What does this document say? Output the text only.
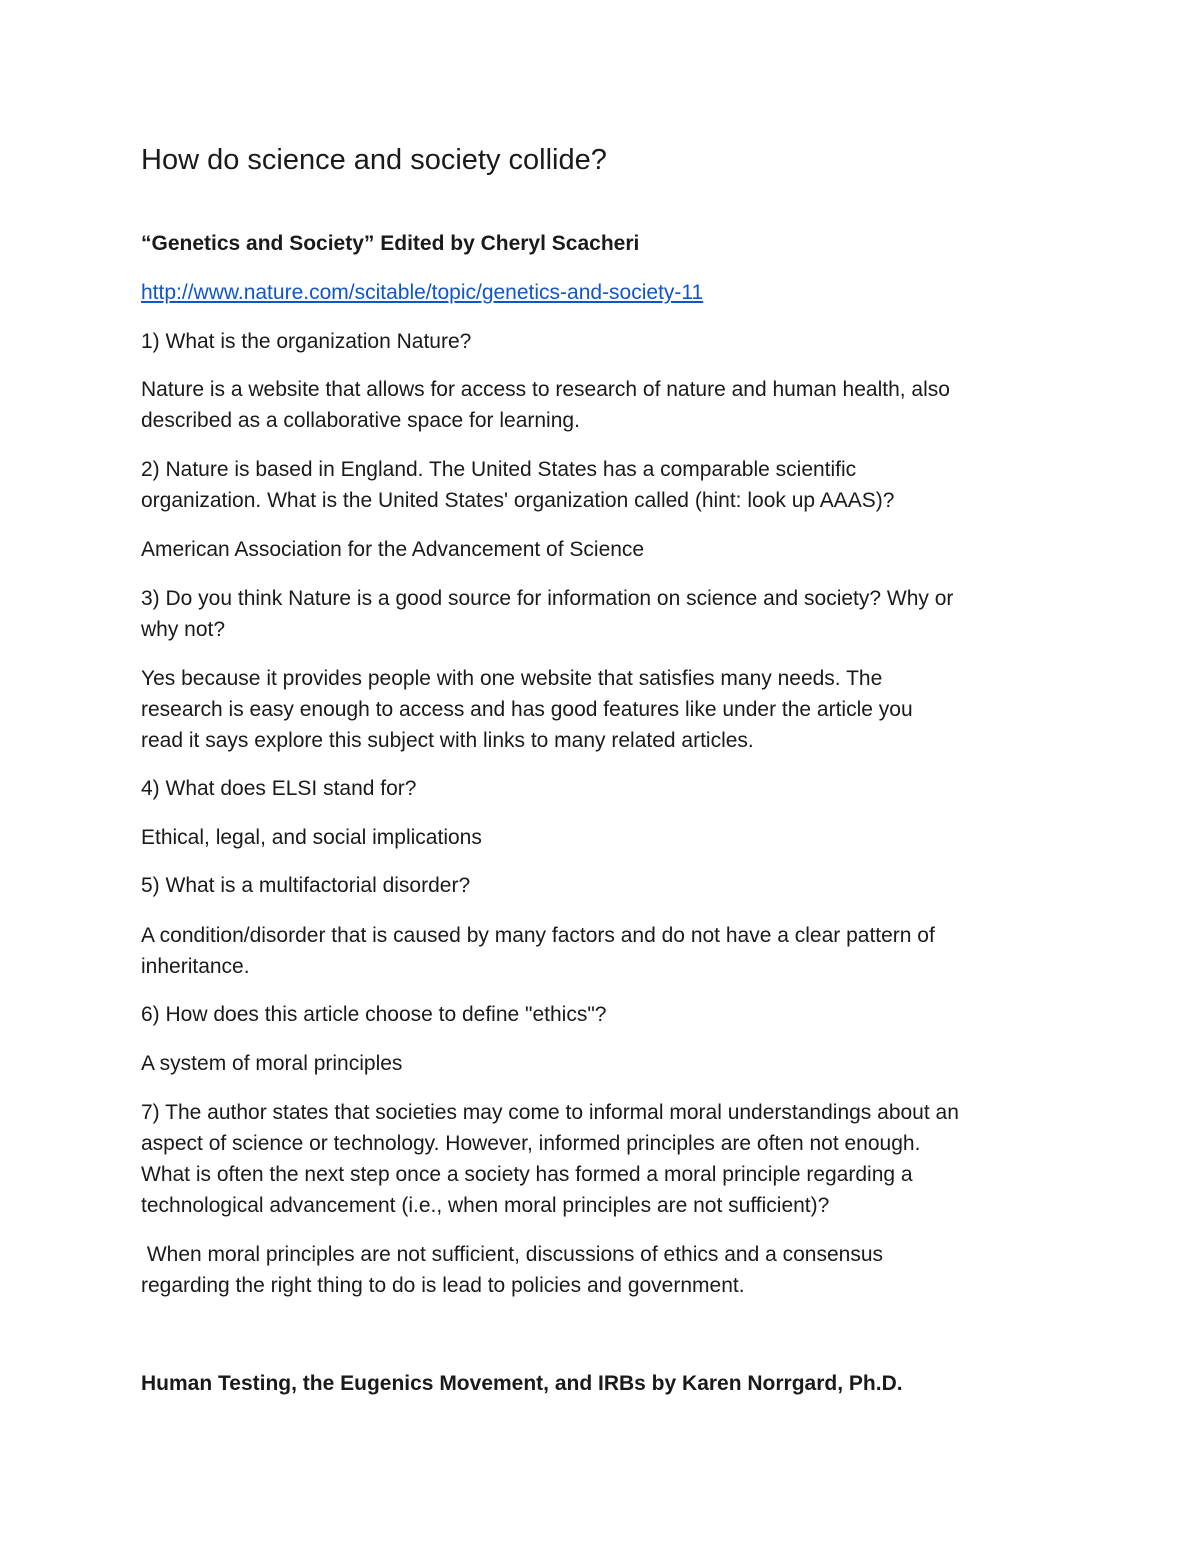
How do science and society collide?

“Genetics and Society” Edited by Cheryl Scacheri

http://www.nature.com/scitable/topic/genetics-and-society-11

1) What is the organization Nature?

Nature is a website that allows for access to research of nature and human health, also

described as a collaborative space for learning.

2) Nature is based in England. The United States has a comparable scientific

organization. What is the United States' organization called (hint: look up AAAS)?

American Association for the Advancement of Science

3) Do you think Nature is a good source for information on science and society? Why or

why not?

Yes because it provides people with one website that satisfies many needs. The

research is easy enough to access and has good features like under the article you

read it says explore this subject with links to many related articles.

4) What does ELSI stand for?

Ethical, legal, and social implications

5) What is a multifactorial disorder?

A condition/disorder that is caused by many factors and do not have a clear pattern of

inheritance.

6) How does this article choose to define "ethics"?

A system of moral principles

7) The author states that societies may come to informal moral understandings about an

aspect of science or technology. However, informed principles are often not enough.

What is often the next step once a society has formed a moral principle regarding a

technological advancement (i.e., when moral principles are not sufficient)?

When moral principles are not sufficient, discussions of ethics and a consensus

regarding the right thing to do is lead to policies and government.

Human Testing, the Eugenics Movement, and IRBs by Karen Norrgard, Ph.D.
